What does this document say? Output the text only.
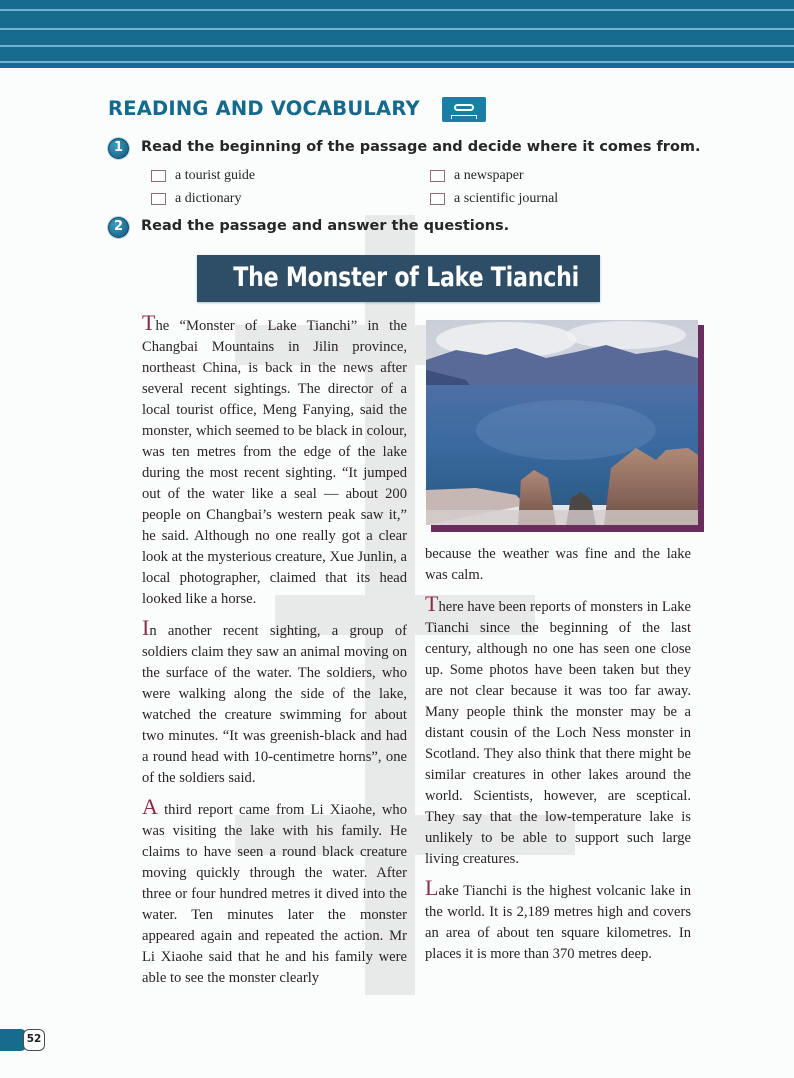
READING AND VOCABULARY
1	Read the beginning of the passage and decide where it comes from.
a tourist guide	a newspaper
a dictionary	a scientific journal
2	Read the passage and answer the questions.
The Monster of Lake Tianchi

The “Monster of Lake Tianchi” in the Changbai Mountains in Jilin province, northeast China, is back in the news after several recent sightings. The director of a local tourist office, Meng Fanying, said the monster, which seemed to be black in colour, was ten metres from the edge of the lake during the most recent sighting. “It jumped out of the water like a seal — about 200 people on Changbai’s western peak saw it,” he said. Although no one really got a clear look at the mysterious creature, Xue Junlin, a local photographer, claimed that its head looked like a horse.

In another recent sighting, a group of soldiers claim they saw an animal moving on the surface of the water. The soldiers, who were walking along the side of the lake, watched the creature swimming for about two minutes. “It was greenish-black and had a round head with 10-centimetre horns”, one of the soldiers said.

A third report came from Li Xiaohe, who was visiting the lake with his family. He claims to have seen a round black creature moving quickly through the water. After three or four hundred metres it dived into the water. Ten minutes later the monster appeared again and repeated the action. Mr Li Xiaohe said that he and his family were able to see the monster clearly

because the weather was fine and the lake was calm.

There have been reports of monsters in Lake Tianchi since the beginning of the last century, although no one has seen one close up. Some photos have been taken but they are not clear because it was too far away. Many people think the monster may be a distant cousin of the Loch Ness monster in Scotland. They also think that there might be similar creatures in other lakes around the world. Scientists, however, are sceptical. They say that the low-temperature lake is unlikely to be able to support such large living creatures.

Lake Tianchi is the highest volcanic lake in the world. It is 2,189 metres high and covers an area of about ten square kilometres. In places it is more than 370 metres deep.

52
